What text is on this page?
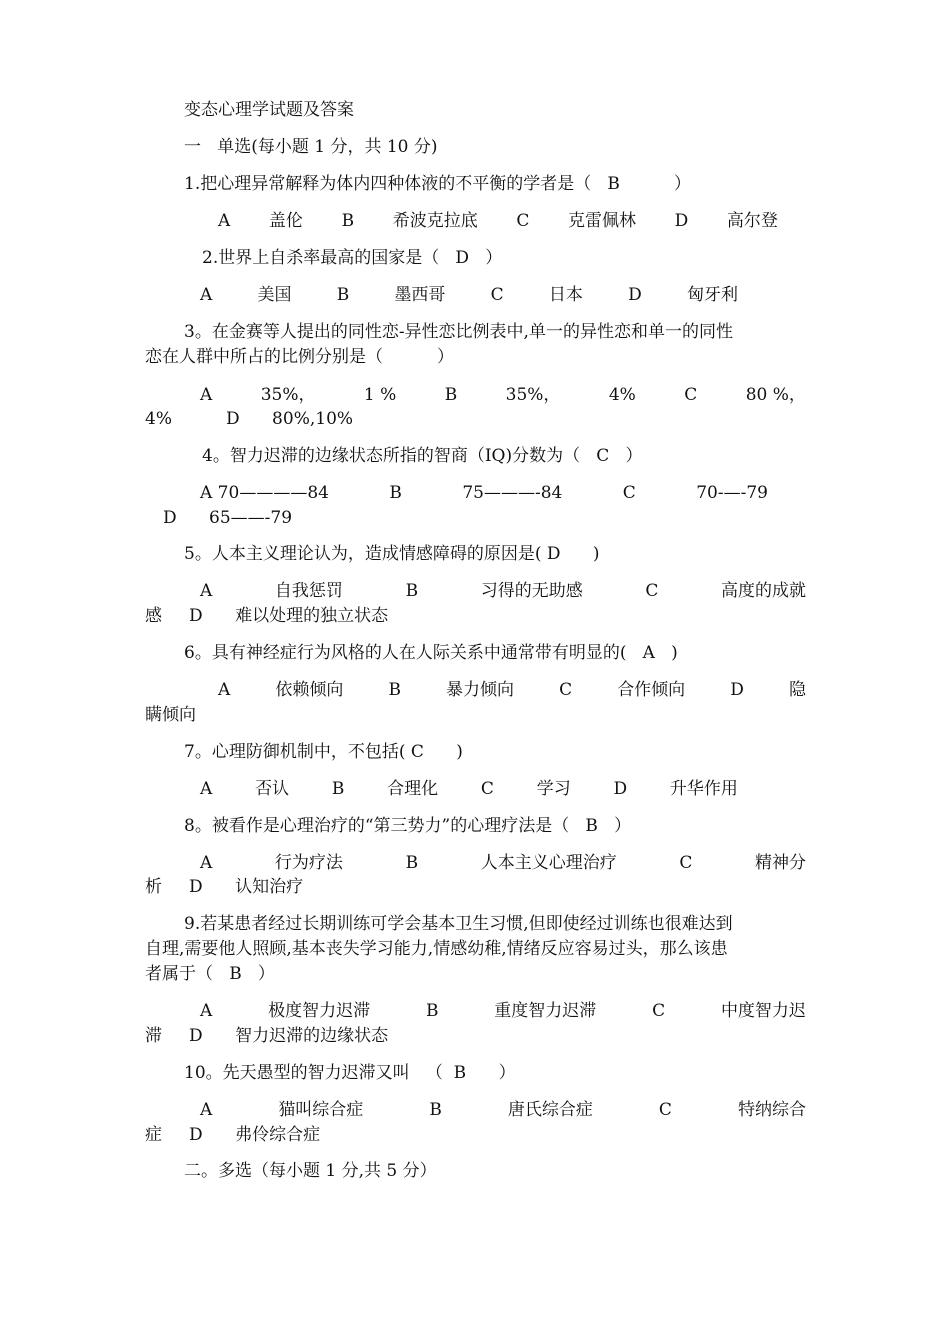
变态心理学试题及答案
一   单选(每小题 1 分，共 10 分)
1.把心理异常解释为体内四种体液的不平衡的学者是（   B          ）
A 盖伦 B 希波克拉底 C 克雷佩林 D 高尔登
2.世界上自杀率最高的国家是（   D   ）
A	美国	B	墨西哥	C	日本	D	匈牙利
3。在金赛等人提出的同性恋-异性恋比例表中,单一的异性恋和单一的同性
恋在人群中所占的比例分别是（          ）
A	35%，	1 %	B	35%，	4%	C	80 %，
4%          D      80%,10%
4。智力迟滞的边缘状态所指的智商（IQ)分数为（   C   ）
A 70————84	B	75———-84	C	70-—-79
D      65——-79
5。人本主义理论认为，造成情感障碍的原因是( D      )
A	自我惩罚	B	习得的无助感	C	高度的成就
感     D      难以处理的独立状态
6。具有神经症行为风格的人在人际关系中通常带有明显的(   A   )
A	依赖倾向	B	暴力倾向	C	合作倾向	D	隐
瞒倾向
7。心理防御机制中，不包括( C      )
A	否认	B	合理化	C	学习	D	升华作用
8。被看作是心理治疗的“第三势力”的心理疗法是（   B   ）
A	行为疗法	B	人本主义心理治疗	C	精神分
析     D      认知治疗
9.若某患者经过长期训练可学会基本卫生习惯,但即使经过训练也很难达到
自理,需要他人照顾,基本丧失学习能力,情感幼稚,情绪反应容易过头，那么该患
者属于（   B   ）
A	极度智力迟滞	B	重度智力迟滞	C	中度智力迟
滞     D      智力迟滞的边缘状态
10。先天愚型的智力迟滞又叫   （  B      ）
A	猫叫综合症	B	唐氏综合症	C	特纳综合
症     D      弗伶综合症
二。多选（每小题 1 分,共 5 分）
